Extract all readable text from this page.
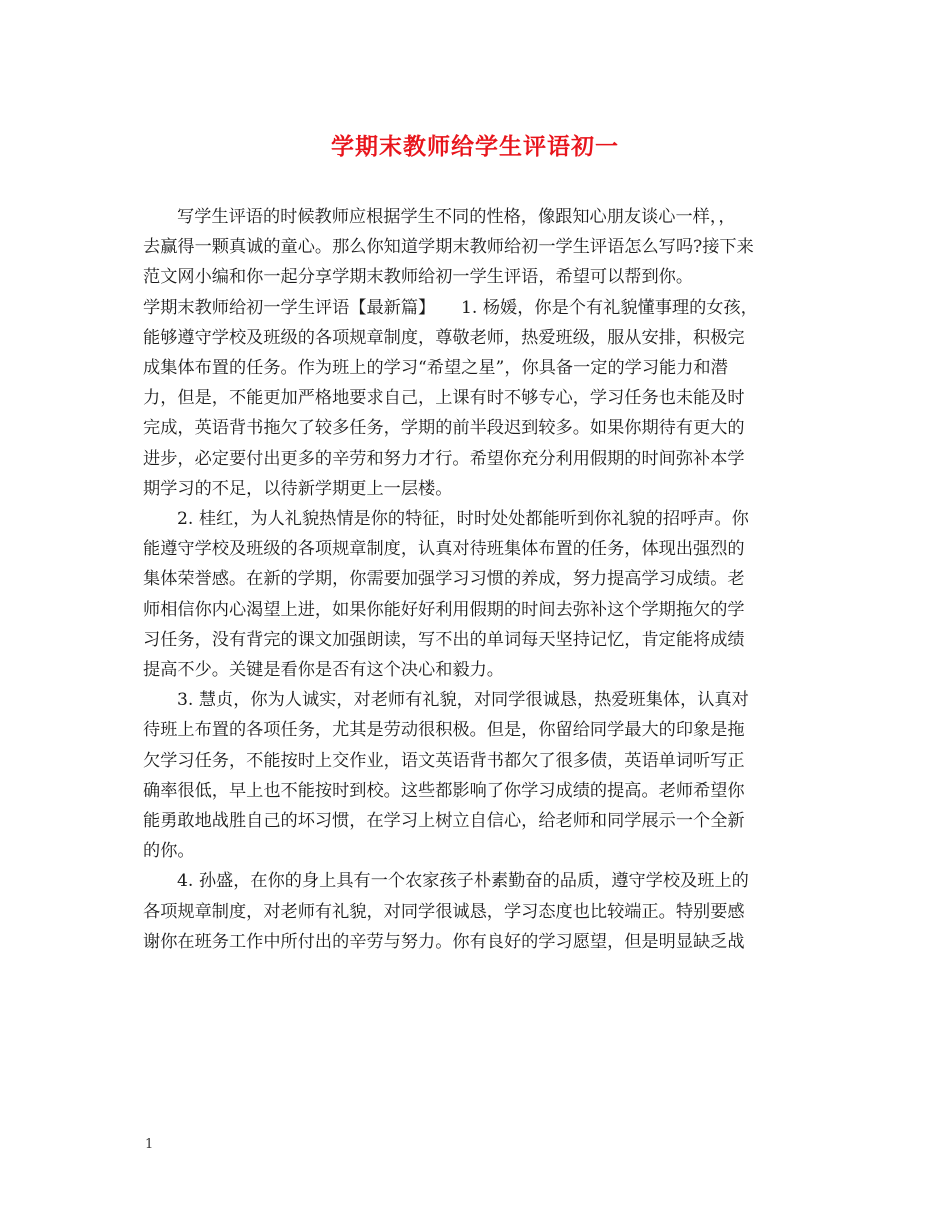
学期末教师给学生评语初一

写学生评语的时候教师应根据学生不同的性格，像跟知心朋友谈心一样，，
去赢得一颗真诚的童心。那么你知道学期末教师给初一学生评语怎么写吗?接下来
范文网小编和你一起分享学期末教师给初一学生评语，希望可以帮到你。

学期末教师给初一学生评语【最新篇】　　1. 杨媛，你是个有礼貌懂事理的女孩，
能够遵守学校及班级的各项规章制度，尊敬老师，热爱班级，服从安排，积极完
成集体布置的任务。作为班上的学习“希望之星”，你具备一定的学习能力和潜
力，但是，不能更加严格地要求自己，上课有时不够专心，学习任务也未能及时
完成，英语背书拖欠了较多任务，学期的前半段迟到较多。如果你期待有更大的
进步，必定要付出更多的辛劳和努力才行。希望你充分利用假期的时间弥补本学
期学习的不足，以待新学期更上一层楼。

2. 桂红，为人礼貌热情是你的特征，时时处处都能听到你礼貌的招呼声。你
能遵守学校及班级的各项规章制度，认真对待班集体布置的任务，体现出强烈的
集体荣誉感。在新的学期，你需要加强学习习惯的养成，努力提高学习成绩。老
师相信你内心渴望上进，如果你能好好利用假期的时间去弥补这个学期拖欠的学
习任务，没有背完的课文加强朗读，写不出的单词每天坚持记忆，肯定能将成绩
提高不少。关键是看你是否有这个决心和毅力。

3. 慧贞，你为人诚实，对老师有礼貌，对同学很诚恳，热爱班集体，认真对
待班上布置的各项任务，尤其是劳动很积极。但是，你留给同学最大的印象是拖
欠学习任务，不能按时上交作业，语文英语背书都欠了很多债，英语单词听写正
确率很低，早上也不能按时到校。这些都影响了你学习成绩的提高。老师希望你
能勇敢地战胜自己的坏习惯，在学习上树立自信心，给老师和同学展示一个全新
的你。

4. 孙盛，在你的身上具有一个农家孩子朴素勤奋的品质，遵守学校及班上的
各项规章制度，对老师有礼貌，对同学很诚恳，学习态度也比较端正。特别要感
谢你在班务工作中所付出的辛劳与努力。你有良好的学习愿望，但是明显缺乏战

1
